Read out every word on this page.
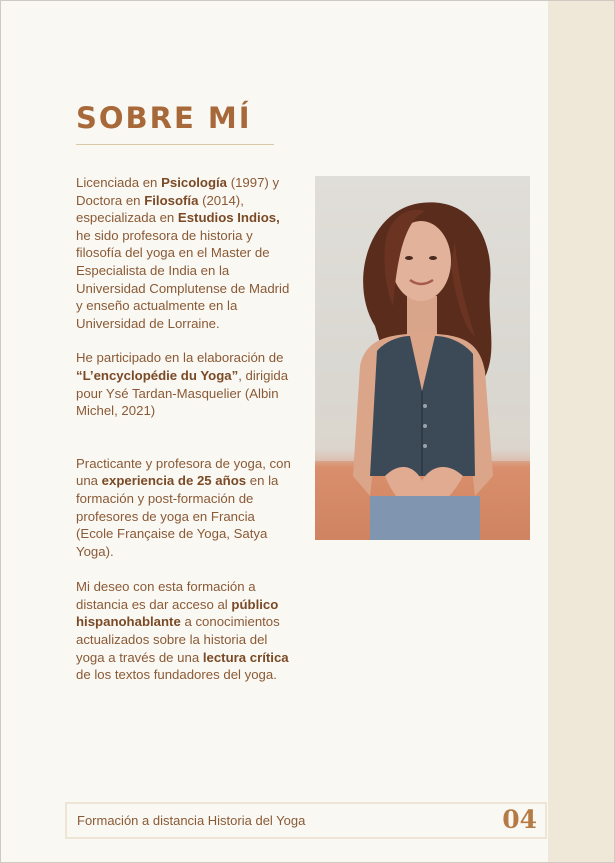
SOBRE MÍ

Licenciada en Psicología (1997) y Doctora en Filosofía (2014), especializada en Estudios Indios, he sido profesora de historia y filosofía del yoga en el Master de Especialista de India en la Universidad Complutense de Madrid y enseño actualmente en la Universidad de Lorraine.

He participado en la elaboración de “L’encyclopédie du Yoga”, dirigida pour Ysé Tardan-Masquelier (Albin Michel, 2021)

Practicante y profesora de yoga, con una experiencia de 25 años en la formación y post-formación de profesores de yoga en Francia (Ecole Française de Yoga, Satya Yoga).

Mi deseo con esta formación a distancia es dar acceso al público hispanohablante a conocimientos actualizados sobre la historia del yoga a través de una lectura crítica de los textos fundadores del yoga.

Formación a distancia Historia del Yoga	04
